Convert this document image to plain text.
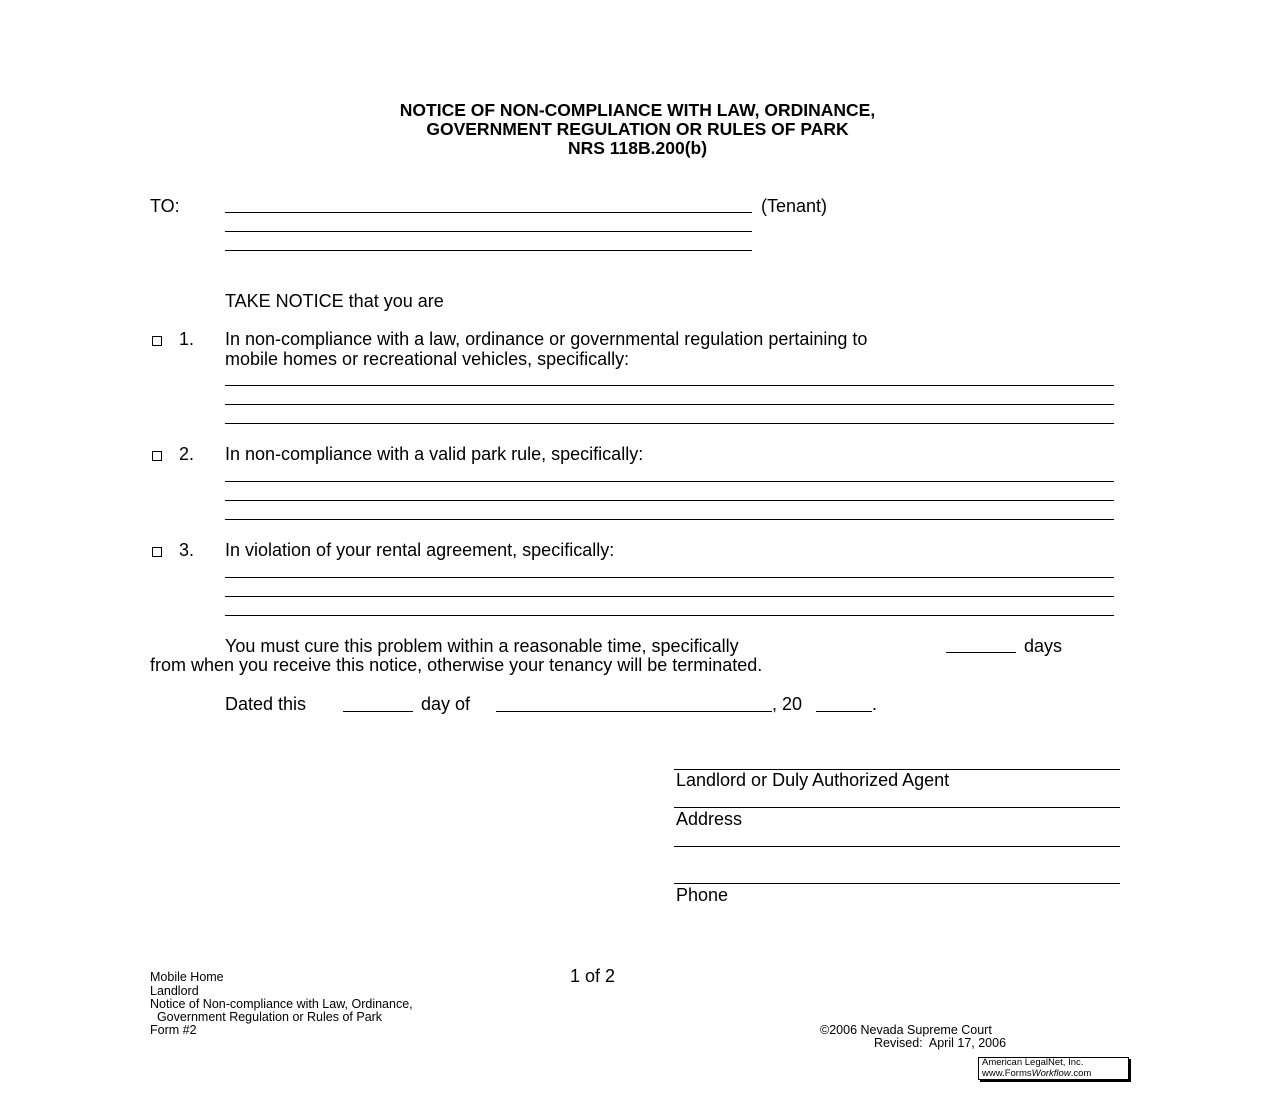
NOTICE OF NON-COMPLIANCE WITH LAW, ORDINANCE,
GOVERNMENT REGULATION OR RULES OF PARK
NRS 118B.200(b)
TO:	(Tenant)
TAKE NOTICE that you are
1. In non-compliance with a law, ordinance or governmental regulation pertaining to
mobile homes or recreational vehicles, specifically:
2. In non-compliance with a valid park rule, specifically:
3. In violation of your rental agreement, specifically:
You must cure this problem within a reasonable time, specifically	days
from when you receive this notice, otherwise your tenancy will be terminated.
Dated this	day of	, 20	.
Landlord or Duly Authorized Agent
Address
Phone
Mobile Home
Landlord
Notice of Non-compliance with Law, Ordinance,
Government Regulation or Rules of Park
Form #2
1 of 2
©2006 Nevada Supreme Court
Revised:  April 17, 2006
American LegalNet, Inc.
www.FormsWorkflow.com
